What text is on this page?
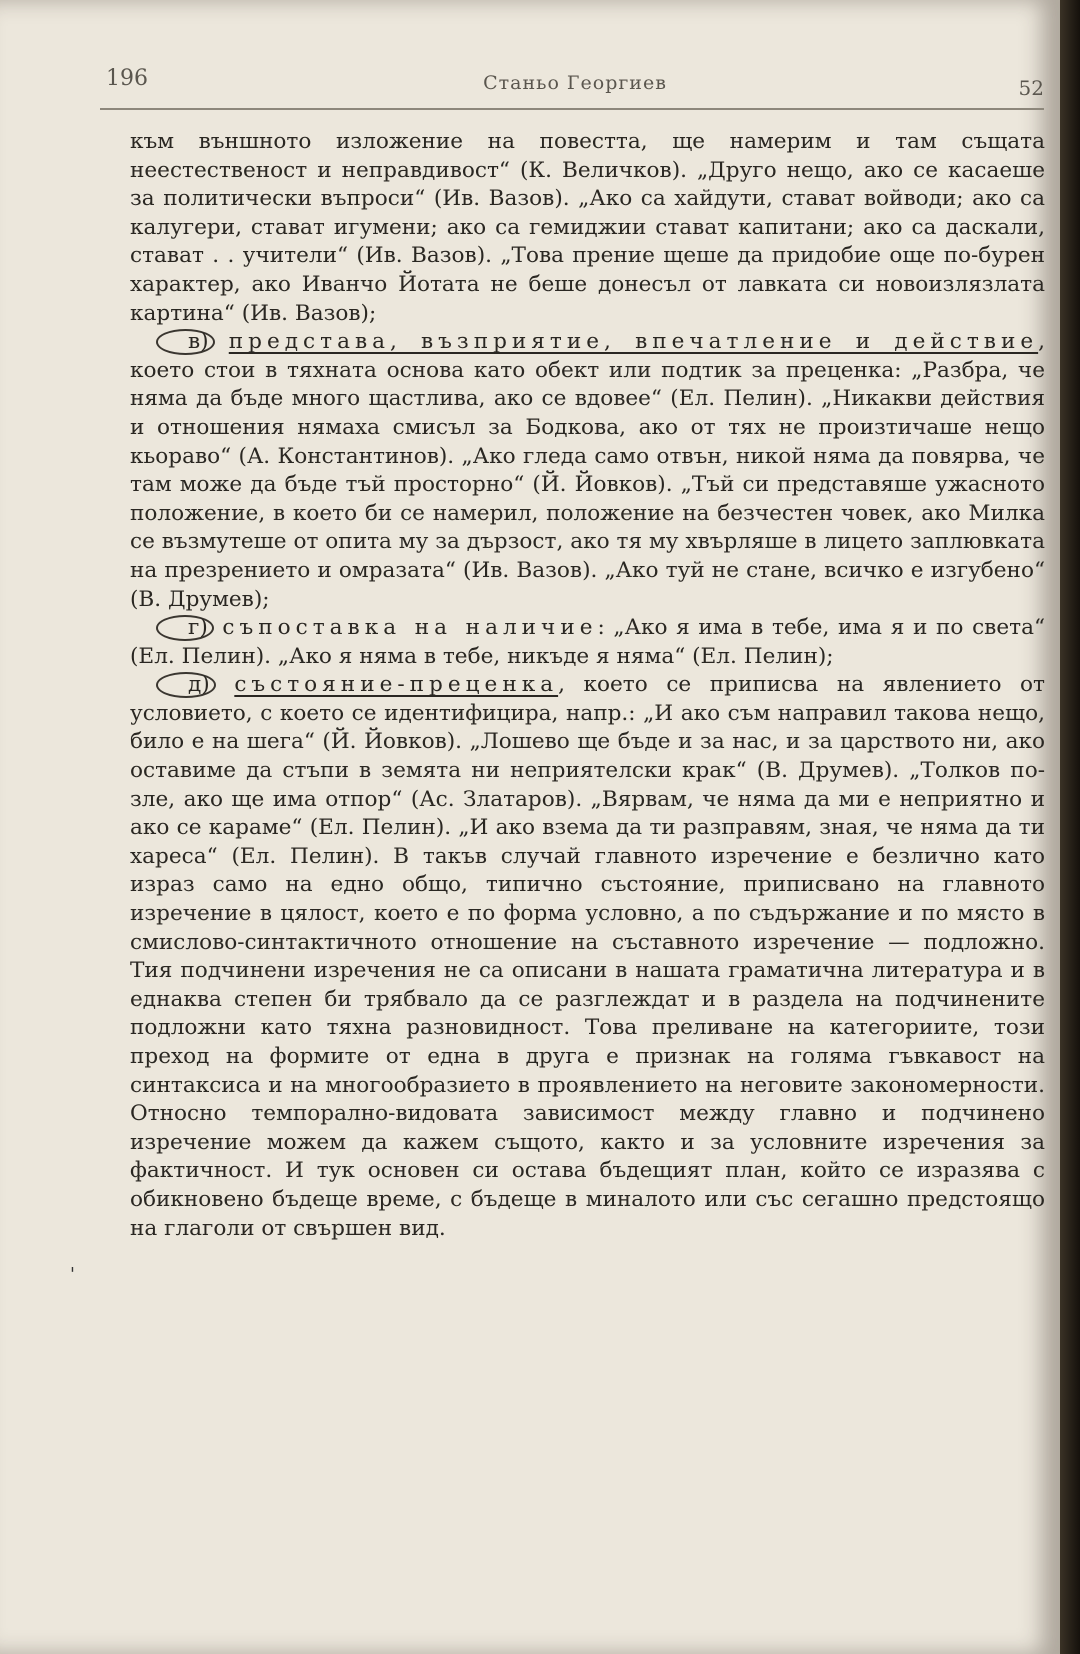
196	Станьо Георгиев	52

към външното изложение на повестта, ще намерим и там същата неестественост и неправдивост“ (К. Величков). „Друго нещо, ако се касаеше за политически въпроси“ (Ив. Вазов). „Ако са хайдути, стават войводи; ако са калугери, стават игумени; ако са гемиджии стават капитани; ако са даскали, стават . . учители“ (Ив. Вазов). „Това прение щеше да придобие още по-бурен характер, ако Иванчо Йотата не беше донесъл от лавката си новоизлязлата картина“ (Ив. Вазов);

в) представа, възприятие, впечатление и действие, което стои в тяхната основа като обект или подтик за преценка: „Разбра, че няма да бъде много щастлива, ако се вдовее“ (Ел. Пелин). „Никакви действия и отношения нямаха смисъл за Бодкова, ако от тях не произтичаше нещо кьораво“ (А. Константинов). „Ако гледа само отвън, никой няма да повярва, че там може да бъде тъй просторно“ (Й. Йовков). „Тъй си представяше ужасното положение, в което би се намерил, положение на безчестен човек, ако Милка се възмутеше от опита му за дързост, ако тя му хвърляше в лицето заплювката на презрението и омразата“ (Ив. Вазов). „Ако туй не стане, всичко е изгубено“ (В. Друмев);

г) съпоставка на наличие: „Ако я има в тебе, има я и по света“ (Ел. Пелин). „Ако я няма в тебе, никъде я няма“ (Ел. Пелин);

д) състояние-преценка, което се приписва на явлението от условието, с което се идентифицира, напр.: „И ако съм направил такова нещо, било е на шега“ (Й. Йовков). „Лошево ще бъде и за нас, и за царството ни, ако оставиме да стъпи в земята ни неприятелски крак“ (В. Друмев). „Толков по-зле, ако ще има отпор“ (Ас. Златаров). „Вярвам, че няма да ми е неприятно и ако се караме“ (Ел. Пелин). „И ако взема да ти разправям, зная, че няма да ти хареса“ (Ел. Пелин). В такъв случай главното изречение е безлично като израз само на едно общо, типично състояние, приписвано на главното изречение в цялост, което е по форма условно, а по съдържание и по място в смислово-синтактичното отношение на съставното изречение — подложно. Тия подчинени изречения не са описани в нашата граматична литература и в еднаква степен би трябвало да се разглеждат и в раздела на подчинените подложни като тяхна разновидност. Това преливане на категориите, този преход на формите от една в друга е признак на голяма гъвкавост на синтаксиса и на многообразието в проявлението на неговите закономерности. Относно темпорално-видовата зависимост между главно и подчинено изречение можем да кажем същото, както и за условните изречения за фактичност. И тук основен си остава бъдещият план, който се изразява с обикновено бъдеще време, с бъдеще в миналото или със сегашно предстоящо на глаголи от свършен вид.

'
